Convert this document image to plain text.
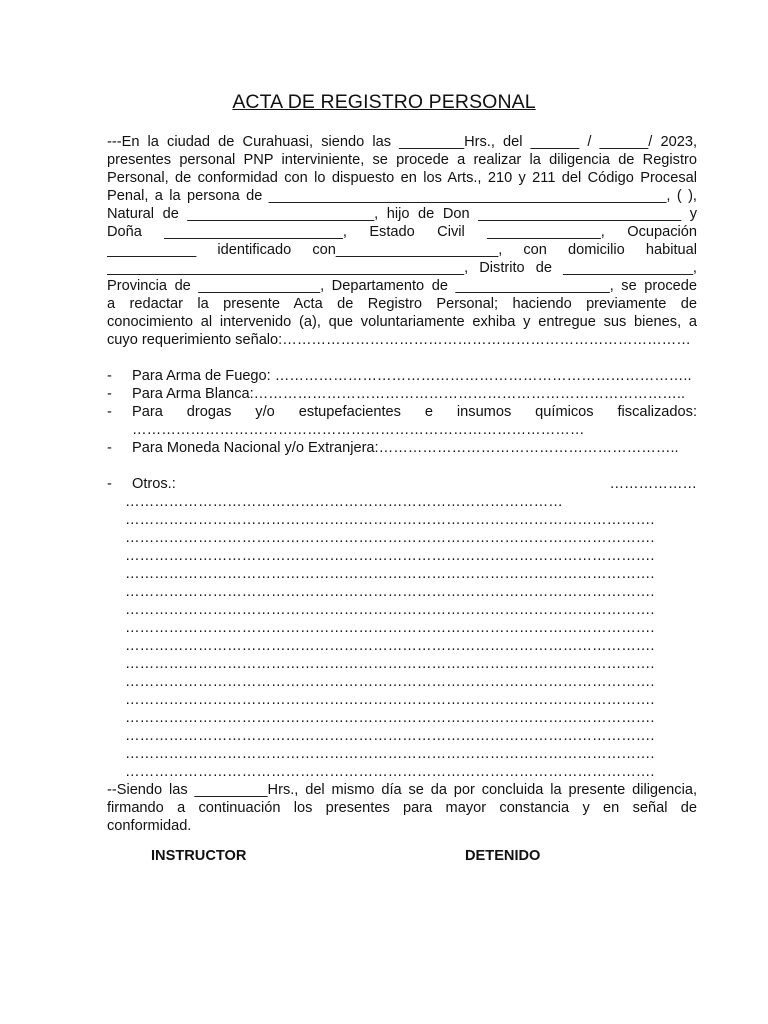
ACTA DE REGISTRO PERSONAL
---En la ciudad de Curahuasi, siendo las ________Hrs., del ______ / ______/ 2023,
presentes personal PNP interviniente, se procede a realizar la diligencia de Registro
Personal, de conformidad con lo dispuesto en los Arts., 210 y 211 del Código Procesal
Penal, a la persona de _________________________________________________, ( ),
Natural de _______________________, hijo de Don _________________________ y
Doña ______________________, Estado Civil ______________, Ocupación
___________ identificado con____________________, con domicilio habitual
____________________________________________, Distrito de ________________,
Provincia de _______________, Departamento de ___________________, se procede
a redactar la presente Acta de Registro Personal; haciendo previamente de
conocimiento al intervenido (a), que voluntariamente exhiba y entregue sus bienes, a
cuyo requerimiento señalo:…………………………………………………………………………
-	Para Arma de Fuego: …………………………………………………………………………..
-	Para Arma Blanca:……………………………………………………………………………..
-	Para drogas y/o estupefacientes e insumos químicos fiscalizados:
…………………………………………………………………………………
-	Para Moneda Nacional y/o Extranjera:……………………………………………………..
-	Otros.:	………………
………………………………………………………………………………
……………………………………………………………………………………………….
……………………………………………………………………………………………….
……………………………………………………………………………………………….
……………………………………………………………………………………………….
……………………………………………………………………………………………….
……………………………………………………………………………………………….
……………………………………………………………………………………………….
……………………………………………………………………………………………….
……………………………………………………………………………………………….
……………………………………………………………………………………………….
……………………………………………………………………………………………….
……………………………………………………………………………………………….
……………………………………………………………………………………………….
……………………………………………………………………………………………….
……………………………………………………………………………………………….
--Siendo las _________Hrs., del mismo día se da por concluida la presente diligencia,
firmando a continuación los presentes para mayor constancia y en señal de
conformidad.
INSTRUCTOR	DETENIDO
